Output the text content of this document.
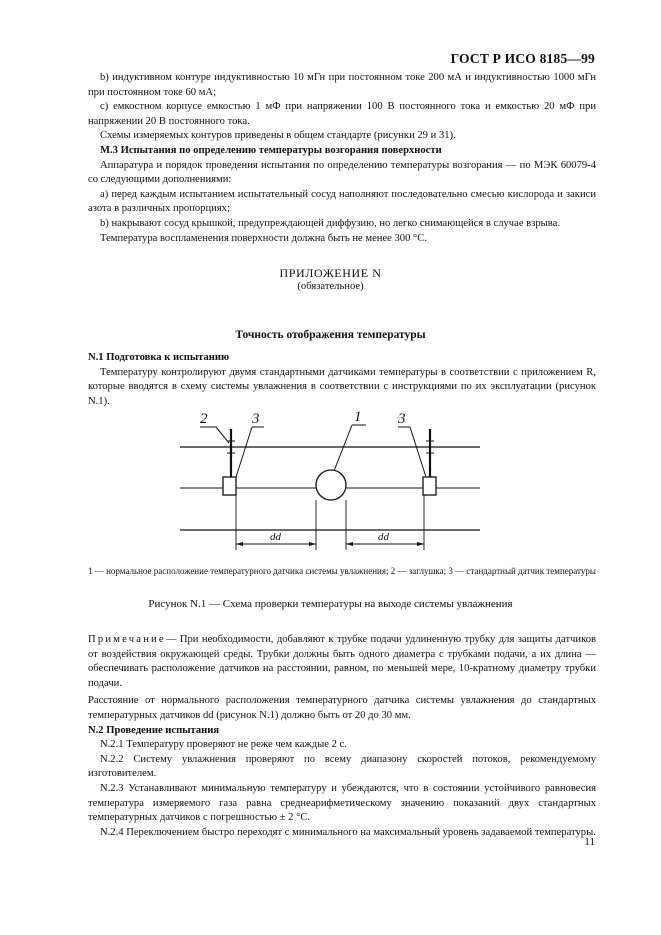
ГОСТ Р ИСО 8185—99

b) индуктивном контуре индуктивностью 10 мГн при постоянном токе 200 мА и индуктивностью 1000 мГн при постоянном токе 60 мА;

c) емкостном корпусе емкостью 1 мФ при напряжении 100 В постоянного тока и емкостью 20 мФ при напряжении 20 В постоянного тока.

Схемы измеряемых контуров приведены в общем стандарте (рисунки 29 и 31).

М.3 Испытания по определению температуры возгорания поверхности

Аппаратура и порядок проведения испытания по определению температуры возгорания — по МЭК 60079-4 со следующими дополнениями:

a) перед каждым испытанием испытательный сосуд наполняют последовательно смесью кислорода и закиси азота в различных пропорциях;

b) накрывают сосуд крышкой, предупреждающей диффузию, но легко снимающейся в случае взрыва.

Температура воспламенения поверхности должна быть не менее 300 °С.

ПРИЛОЖЕНИЕ N
(обязательное)
Точность отображения температуры

N.1 Подготовка к испытанию

Температуру контролируют двумя стандартными датчиками температуры в соответствии с приложением R, которые вводятся в схему системы увлажнения в соответствии с инструкциями по их эксплуатации (рисунок N.1).

2	3	1 3
dd	dd
1 — нормальное расположение температурного датчика системы увлажнения; 2 — заглушка; 3 — стандартный датчик температуры
Рисунок N.1 — Схема проверки температуры на выходе системы увлажнения

Примечание— При необходимости, добавляют к трубке подачи удлиненную трубку для защиты датчиков от воздействия окружающей среды. Трубки должны быть одного диаметра с трубками подачи, а их длина — обеспечивать расположение датчиков на расстоянии, равном, по меньшей мере, 10-кратному диаметру трубки подачи.

Расстояние от нормального расположения температурного датчика системы увлажнения до стандартных температурных датчиков dd (рисунок N.1) должно быть от 20 до 30 мм.

N.2 Проведение испытания

N.2.1 Температуру проверяют не реже чем каждые 2 с.

N.2.2 Систему увлажнения проверяют по всему диапазону скоростей потоков, рекомендуемому изготовителем.

N.2.3 Устанавливают минимальную температуру и убеждаются, что в состоянии устойчивого равновесия температура измеряемого газа равна среднеарифметическому значению показаний двух стандартных температурных датчиков с погрешностью ± 2 °С.

N.2.4 Переключением быстро переходят с минимального на максимальный уровень задаваемой температуры.

11
